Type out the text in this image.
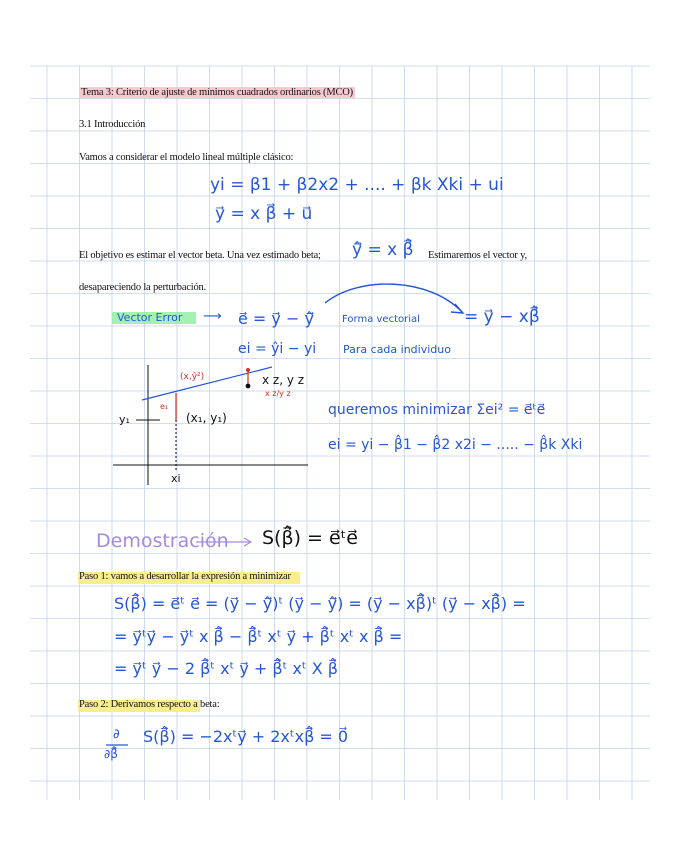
Tema 3: Criterio de ajuste de mínimos cuadrados ordinarios (MCO)
3.1 Introducción
Vamos a considerar el modelo lineal múltiple clásico:
yi = β1 + β2x2 + .... + βk Xki + ui
y⃗ = x β⃗ + u⃗
El objetivo es estimar el vector beta. Una vez estimado beta; ŷ⃗ = x β̂⃗ Estimaremos el vector y,
desapareciendo la perturbación.
Vector Error ⟶ e⃗ = y⃗ − ŷ⃗	Forma vectorial	= y⃗ − xβ̂⃗
ei = ŷi − yi Para cada individuo
(x,ŷ²)	x z, y z
x z/y z
(x₁, y₁)
y₁
e₁
xi
queremos minimizar Σei² = e⃗ᵗe⃗
ei = yi − β̂1 − β̂2 x2i − ..... − β̂k Xki
Demostración S(β̂⃗) = e⃗ᵗe⃗
Paso 1: vamos a desarrollar la expresión a minimizar
S(β̂⃗) = e⃗ᵗ e⃗ = (y⃗ − ŷ⃗)ᵗ (y⃗ − ŷ⃗) = (y⃗ − xβ̂⃗)ᵗ (y⃗ − xβ̂⃗) =
= y⃗ᵗy⃗ − y⃗ᵗ x β̂⃗ − β̂⃗ᵗ xᵗ y⃗ + β̂⃗ᵗ xᵗ x β̂⃗ =
= y⃗ᵗ y⃗ − 2 β̂⃗ᵗ xᵗ y⃗ + β̂⃗ᵗ xᵗ X β̂⃗
Paso 2: Derivamos respecto a beta:
∂
∂β̂⃗
S(β̂⃗) = −2xᵗy⃗ + 2xᵗxβ̂⃗ = 0⃗
